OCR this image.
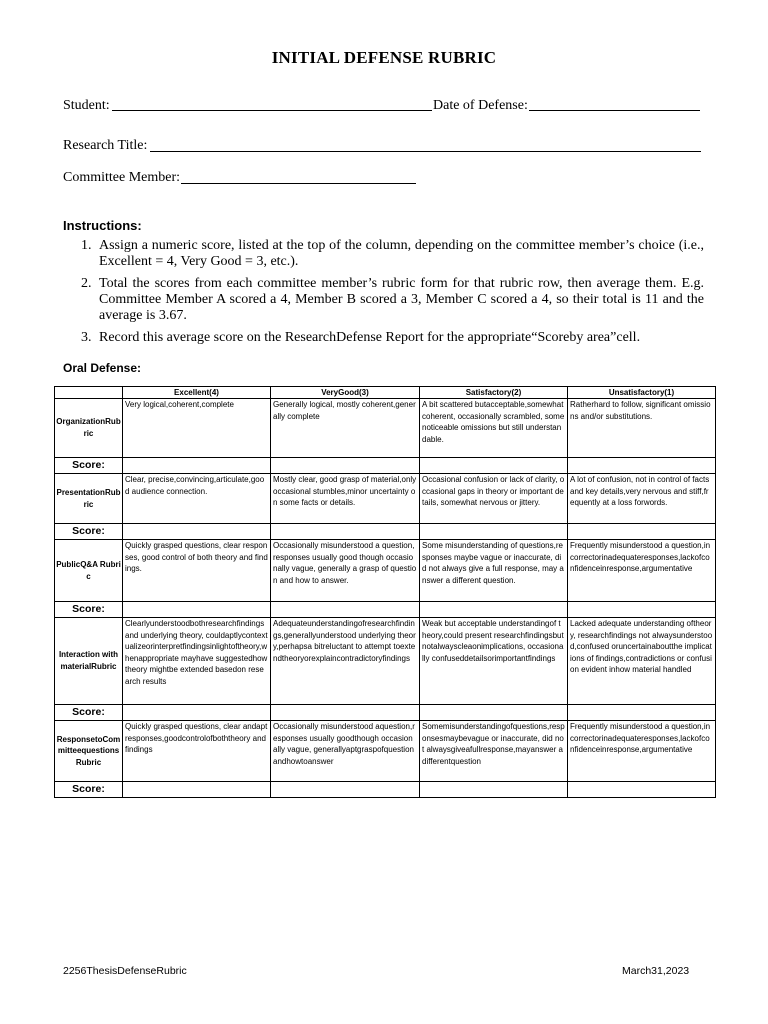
INITIAL DEFENSE RUBRIC
Student:	Date of Defense:
Research Title:
Committee Member:
Instructions:
1. Assign a numeric score, listed at the top of the column, depending on the committee member’s choice (i.e., Excellent = 4, Very Good = 3, etc.).
2. Total the scores from each committee member’s rubric form for that rubric row, then average them. E.g. Committee Member A scored a 4, Member B scored a 3, Member C scored a 4, so their total is 11 and the average is 3.67.
3. Record this average score on the ResearchDefense Report for the appropriate“Scoreby area”cell.
Oral Defense:
	Excellent(4)	VeryGood(3)	Satisfactory(2)	Unsatisfactory(1)
OrganizationRubric	Very logical,coherent,complete	Generally logical, mostly coherent,generally complete	A bit scattered butacceptable,somewhat coherent, occasionally scrambled, some noticeable omissions but still understandable.	Ratherhard to follow, significant omissions and/or substitutions.
Score:				
PresentationRubric	Clear, precise,convincing,articulate,good audience connection.	Mostly clear, good grasp of material,only occasional stumbles,minor uncertainty on some facts or details.	Occasional confusion or lack of clarity, occasional gaps in theory or important details, somewhat nervous or jittery.	A lot of confusion, not in control of facts and key details,very nervous and stiff,frequently at a loss forwords.
Score:				
PublicQ&A Rubric	Quickly grasped questions, clear responses, good control of both theory and findings.	Occasionally misunderstood a question, responses usually good though occasionally vague, generally a grasp of question and how to answer.	Some misunderstanding of questions,responses maybe vague or inaccurate, did not always give a full response, may answer a different question.	Frequently misunderstood a question,incorrectorinadequateresponses,lackofconfidenceinresponse,argumentative
Score:				
Interaction withmaterialRubric	Clearlyunderstoodbothresearchfindings and underlying theory, couldaptlycontextualizeorinterpretfindingsinlightoftheory,whenappropriate mayhave suggestedhow theory mightbe extended basedon research results	Adequateunderstandingofresearchfindings,generallyunderstood underlying theory,perhapsa bitreluctant to attempt toextendtheoryorexplaincontradictoryfindings	Weak but acceptable understandingof theory,could present researchfindingsbutnotalwayscleaonimplications, occasionally confuseddetailsorimportantfindings	Lacked adequate understanding oftheory, researchfindings not alwaysunderstood,confused oruncertainaboutthe implications of findings,contradictions or confusion evident inhow material handled
Score:				
ResponsetoCommitteequestionsRubric	Quickly grasped questions, clear andaptresponses,goodcontrolofboththeory and findings	Occasionally misunderstood aquestion,responses usually goodthough occasionally vague, generallyaptgraspofquestionandhowtoanswer	Somemisunderstandingofquestions,responsesmaybevague or inaccurate, did not alwaysgiveafullresponse,mayanswer adifferentquestion	Frequently misunderstood a question,incorrectorinadequateresponses,lackofconfidenceinresponse,argumentative
Score:				
2256ThesisDefenseRubric	March31,2023
